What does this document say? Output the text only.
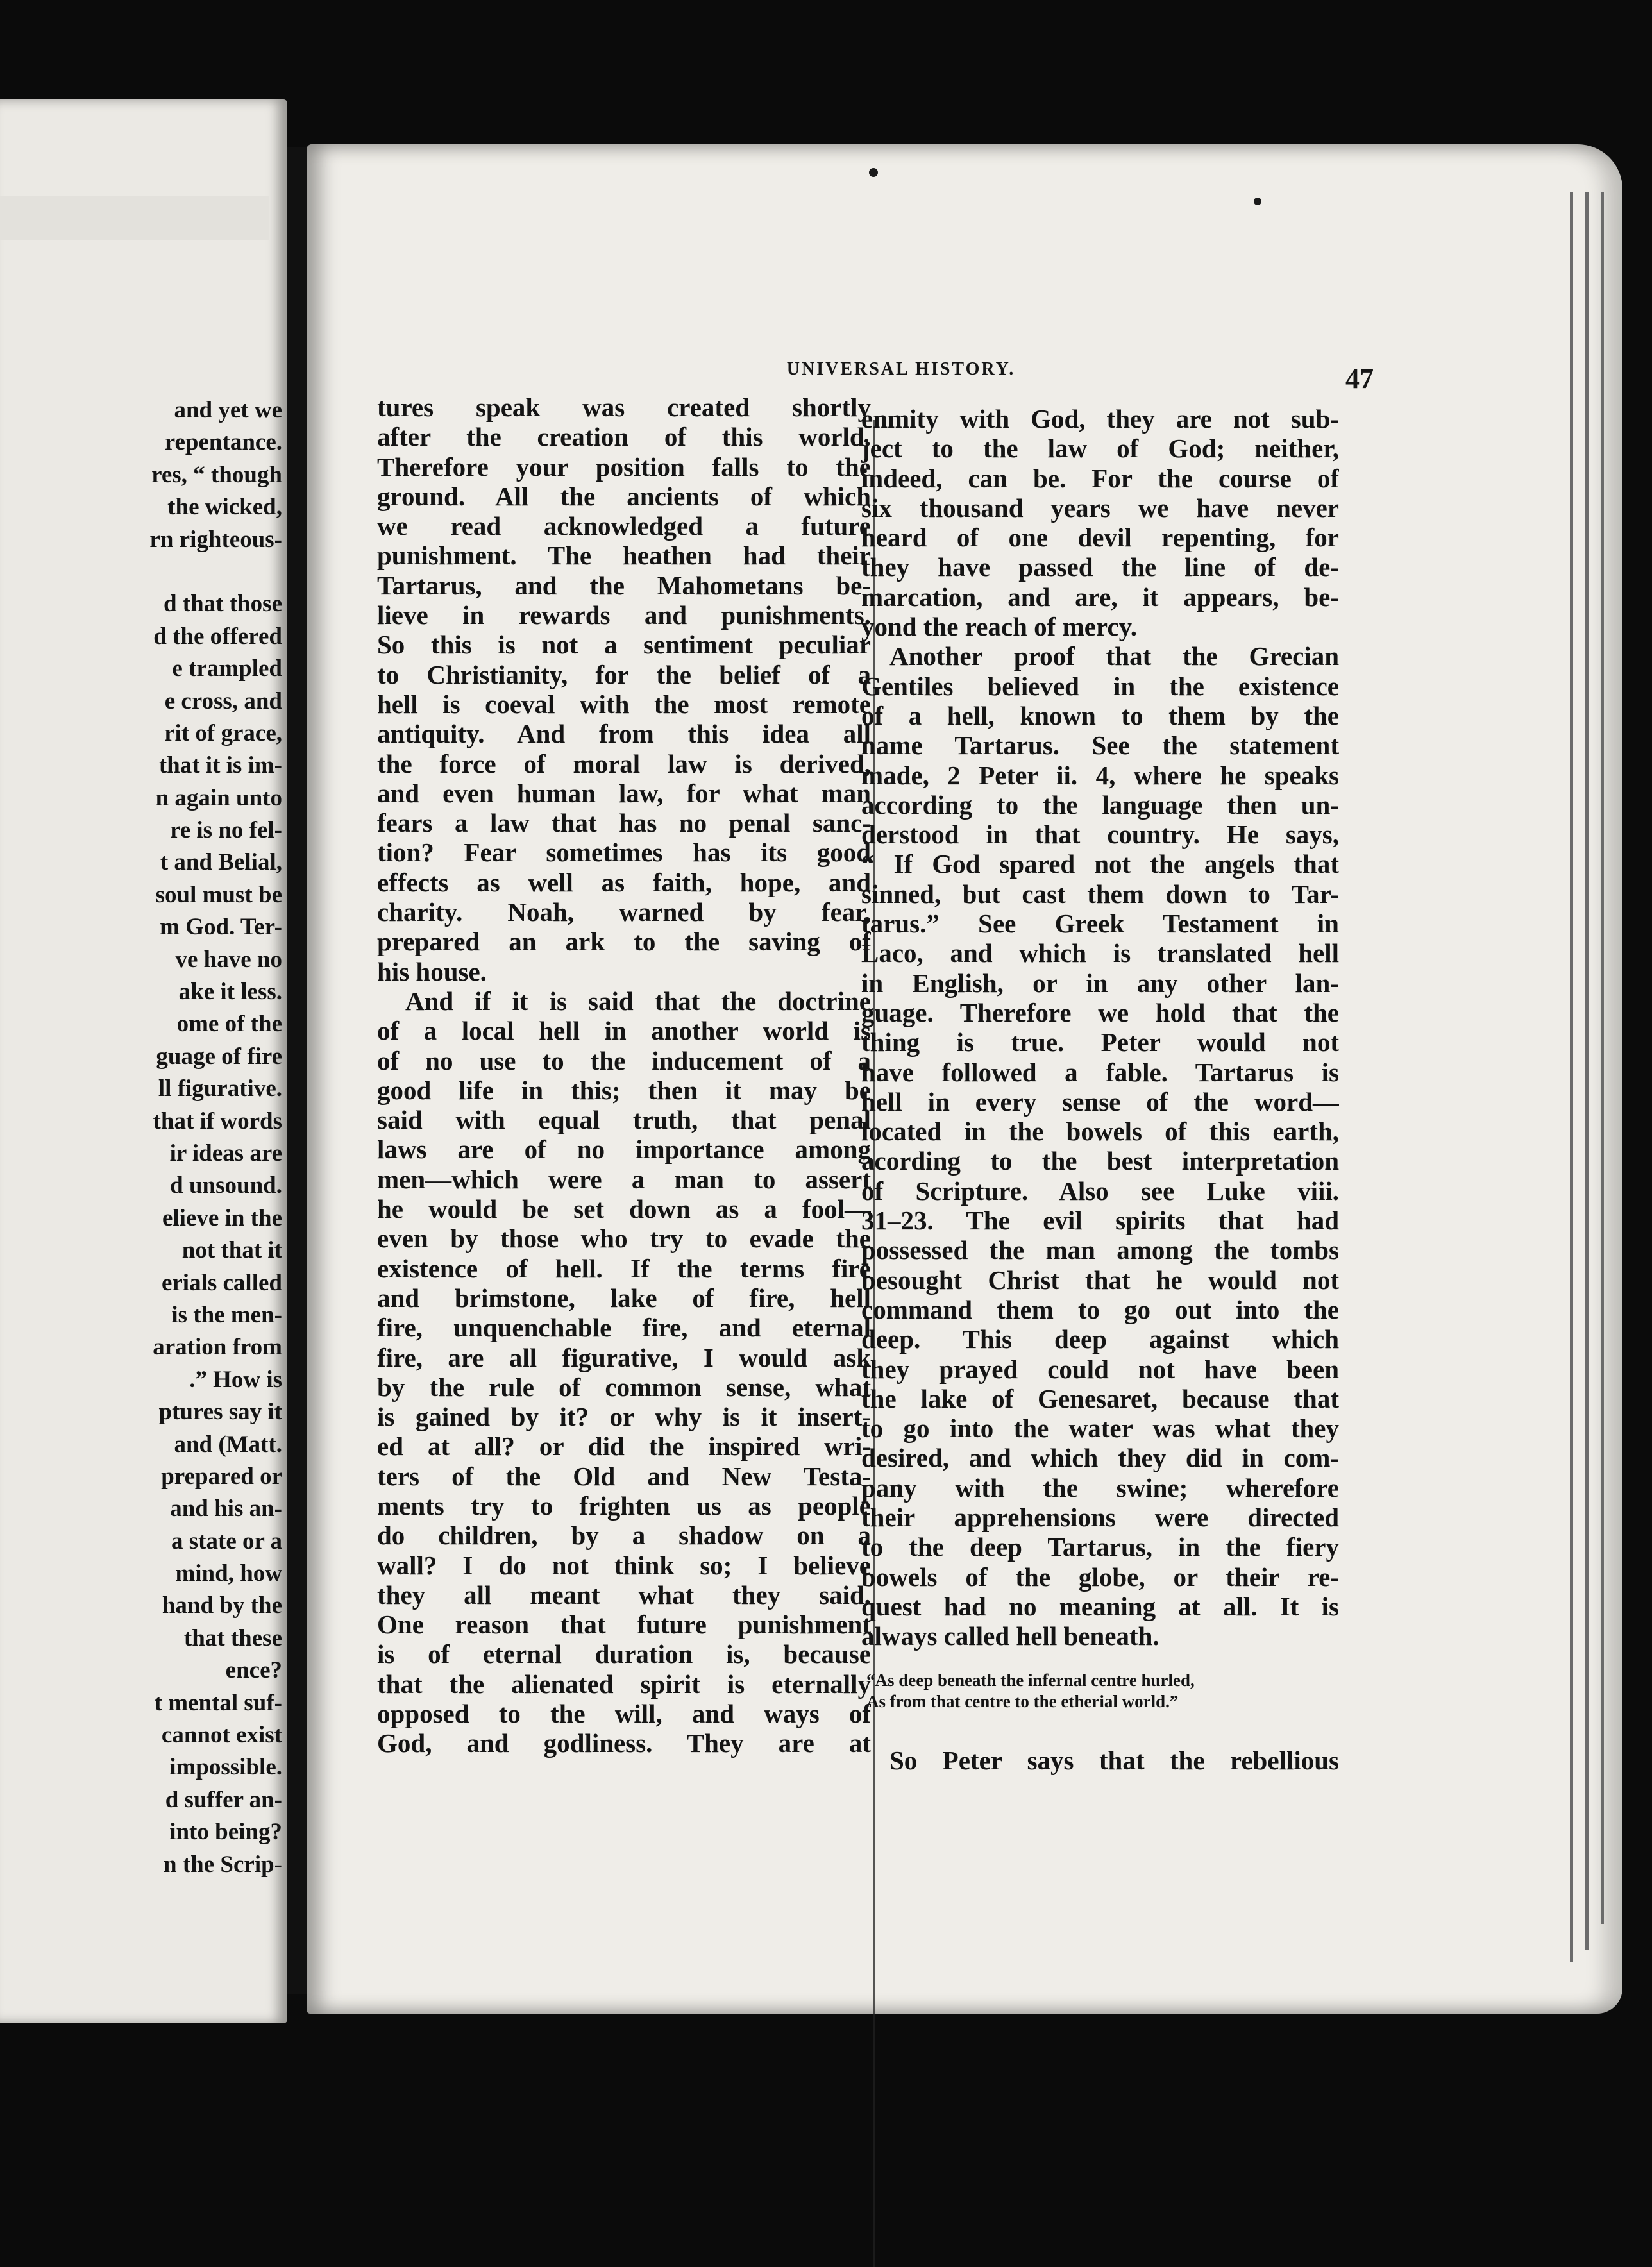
and yet we
repentance.
res, “ though
the wicked,
rn righteous-
d that those
d the offered
e trampled
e cross, and
rit of grace,
that it is im-
n again unto
re is no fel-
t and Belial,
soul must be
m God. Ter-
ve have no
ake it less.
ome of the
guage of fire
ll figurative.
that if words
ir ideas are
d unsound.
elieve in the
not that it
erials called
is the men-
aration from
.” How is
ptures say it
and (Matt.
prepared or
and his an-
a state or a
mind, how
hand by the
that these
ence?
t mental suf-
cannot exist
impossible.
d suffer an-
into being?
n the Scrip-
UNIVERSAL HISTORY.	47
tures speak was created shortly
after the creation of this world.
Therefore your position falls to the
ground. All the ancients of which
we read acknowledged a future
punishment. The heathen had their
Tartarus, and the Mahometans be-
lieve in rewards and punishments.
So this is not a sentiment peculiar
to Christianity, for the belief of a
hell is coeval with the most remote
antiquity. And from this idea all
the force of moral law is derived,
and even human law, for what man
fears a law that has no penal sanc-
tion? Fear sometimes has its good
effects as well as faith, hope, and
charity. Noah, warned by fear,
prepared an ark to the saving of
his house.
And if it is said that the doctrine
of a local hell in another world is
of no use to the inducement of a
good life in this; then it may be
said with equal truth, that penal
laws are of no importance among
men—which were a man to assert
he would be set down as a fool—
even by those who try to evade the
existence of hell. If the terms fire
and brimstone, lake of fire, hell
fire, unquenchable fire, and eternal
fire, are all figurative, I would ask
by the rule of common sense, what
is gained by it? or why is it insert-
ed at all? or did the inspired wri-
ters of the Old and New Testa-
ments try to frighten us as people
do children, by a shadow on a
wall? I do not think so; I believe
they all meant what they said.
One reason that future punishment
is of eternal duration is, because
that the alienated spirit is eternally
opposed to the will, and ways of
God, and godliness. They are at
enmity with God, they are not sub-
ject to the law of God; neither,
indeed, can be. For the course of
six thousand years we have never
heard of one devil repenting, for
they have passed the line of de-
marcation, and are, it appears, be-
yond the reach of mercy.
Another proof that the Grecian
Gentiles believed in the existence
of a hell, known to them by the
name Tartarus. See the statement
made, 2 Peter ii. 4, where he speaks
according to the language then un-
derstood in that country. He says,
“ If God spared not the angels that
sinned, but cast them down to Tar-
tarus.” See Greek Testament in
Laco, and which is translated hell
in English, or in any other lan-
guage. Therefore we hold that the
thing is true. Peter would not
have followed a fable. Tartarus is
hell in every sense of the word—
located in the bowels of this earth,
acording to the best interpretation
of Scripture. Also see Luke viii.
31–23. The evil spirits that had
possessed the man among the tombs
besought Christ that he would not
command them to go out into the
deep. This deep against which
they prayed could not have been
the lake of Genesaret, because that
to go into the water was what they
desired, and which they did in com-
pany with the swine; wherefore
their apprehensions were directed
to the deep Tartarus, in the fiery
bowels of the globe, or their re-
quest had no meaning at all. It is
always called hell beneath.
“As deep beneath the infernal centre hurled,
As from that centre to the etherial world.”
So Peter says that the rebellious
